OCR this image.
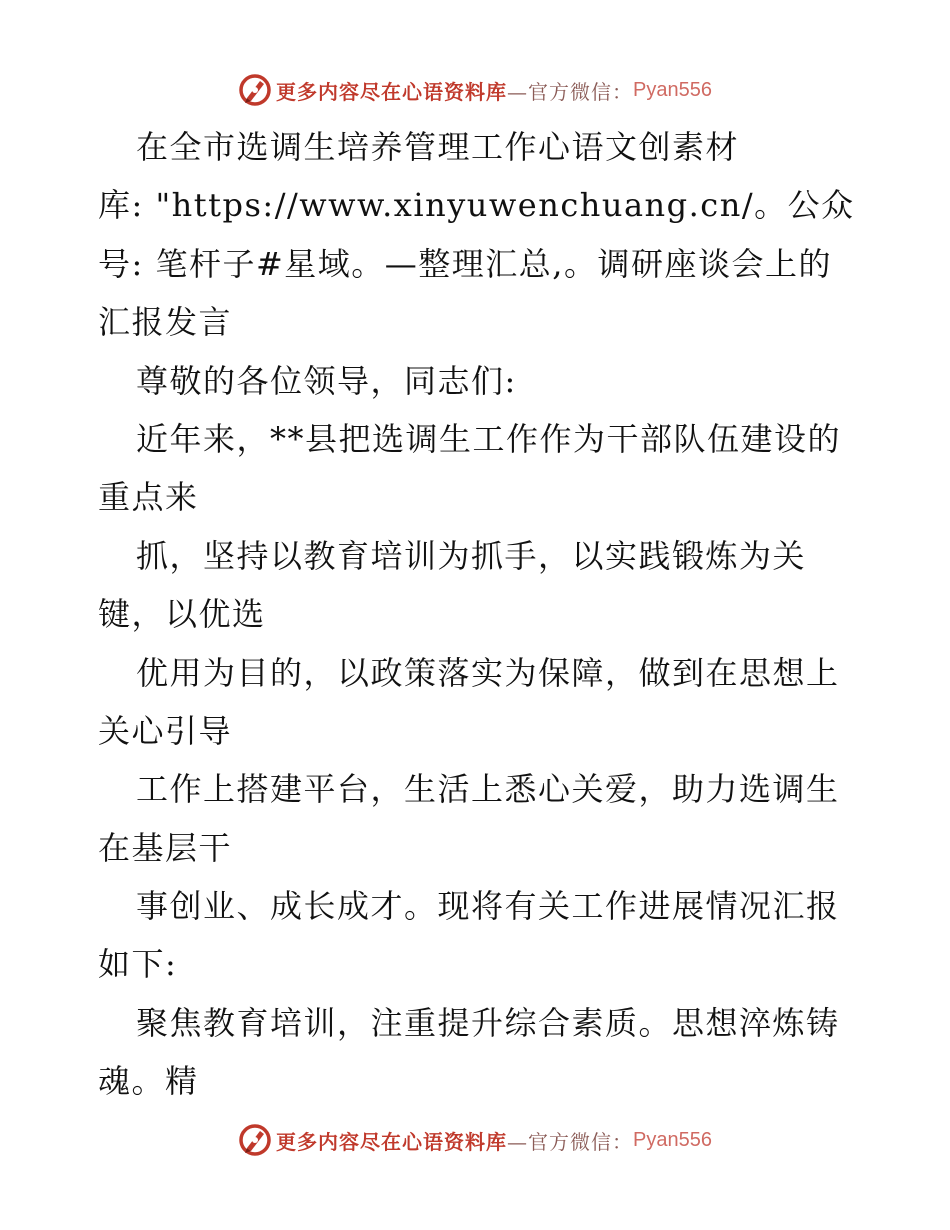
更多内容尽在心语资料库 —官方微信： Pyan556
在全市选调生培养管理工作心语文创素材
库: "https://www.xinyuwenchuang.cn/。公众
号: 笔杆子#星域。—整理汇总,。调研座谈会上的
汇报发言
尊敬的各位领导，同志们:
近年来，**县把选调生工作作为干部队伍建设的
重点来
抓，坚持以教育培训为抓手，以实践锻炼为关
键，以优选
优用为目的，以政策落实为保障，做到在思想上
关心引导
工作上搭建平台，生活上悉心关爱，助力选调生
在基层干
事创业、成长成才。现将有关工作进展情况汇报
如下:
聚焦教育培训，注重提升综合素质。思想淬炼铸
魂。精
更多内容尽在心语资料库 —官方微信： Pyan556
